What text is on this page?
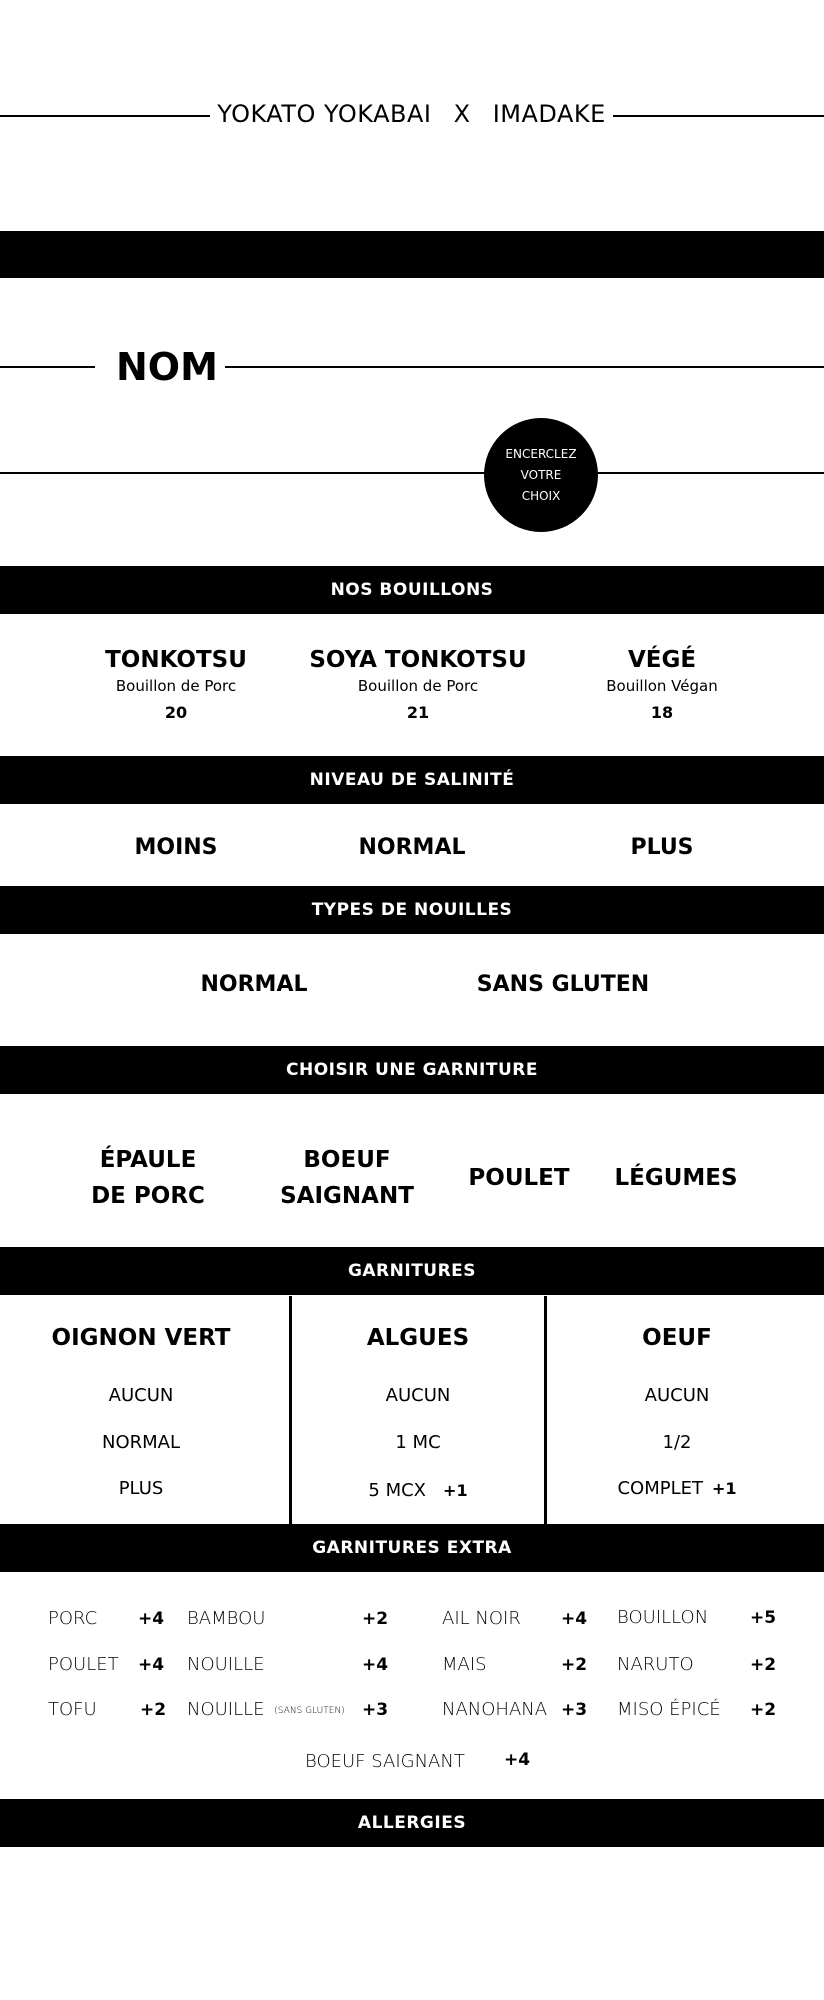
YOKATO YOKABAI X IMADAKE
NOM
ENCERCLEZ
VOTRE
CHOIX
NOS BOUILLONS
TONKOTSU
Bouillon de Porc
20
SOYA TONKOTSU
Bouillon de Porc
21
VÉGÉ
Bouillon Végan
18
NIVEAU DE SALINITÉ
MOINS	NORMAL	PLUS
TYPES DE NOUILLES
NORMAL	SANS GLUTEN
CHOISIR UNE GARNITURE
ÉPAULE
DE PORC
BOEUF
SAIGNANT
POULET LÉGUMES
GARNITURES
OIGNON VERT
AUCUN
NORMAL
PLUS
ALGUES
AUCUN
1 MC
5 MCX +1
OEUF
AUCUN
1/2
COMPLET +1
GARNITURES EXTRA
PORC +4 BAMBOU	+2	AIL NOIR +4 BOUILLON +5
POULET +4 NOUILLE	+4	MAIS	+2 NARUTO	+2
TOFU	+2 NOUILLE (SANS GLUTEN) +3	NANOHANA +3 MISO ÉPICÉ +2
BOEUF SAIGNANT +4
ALLERGIES
